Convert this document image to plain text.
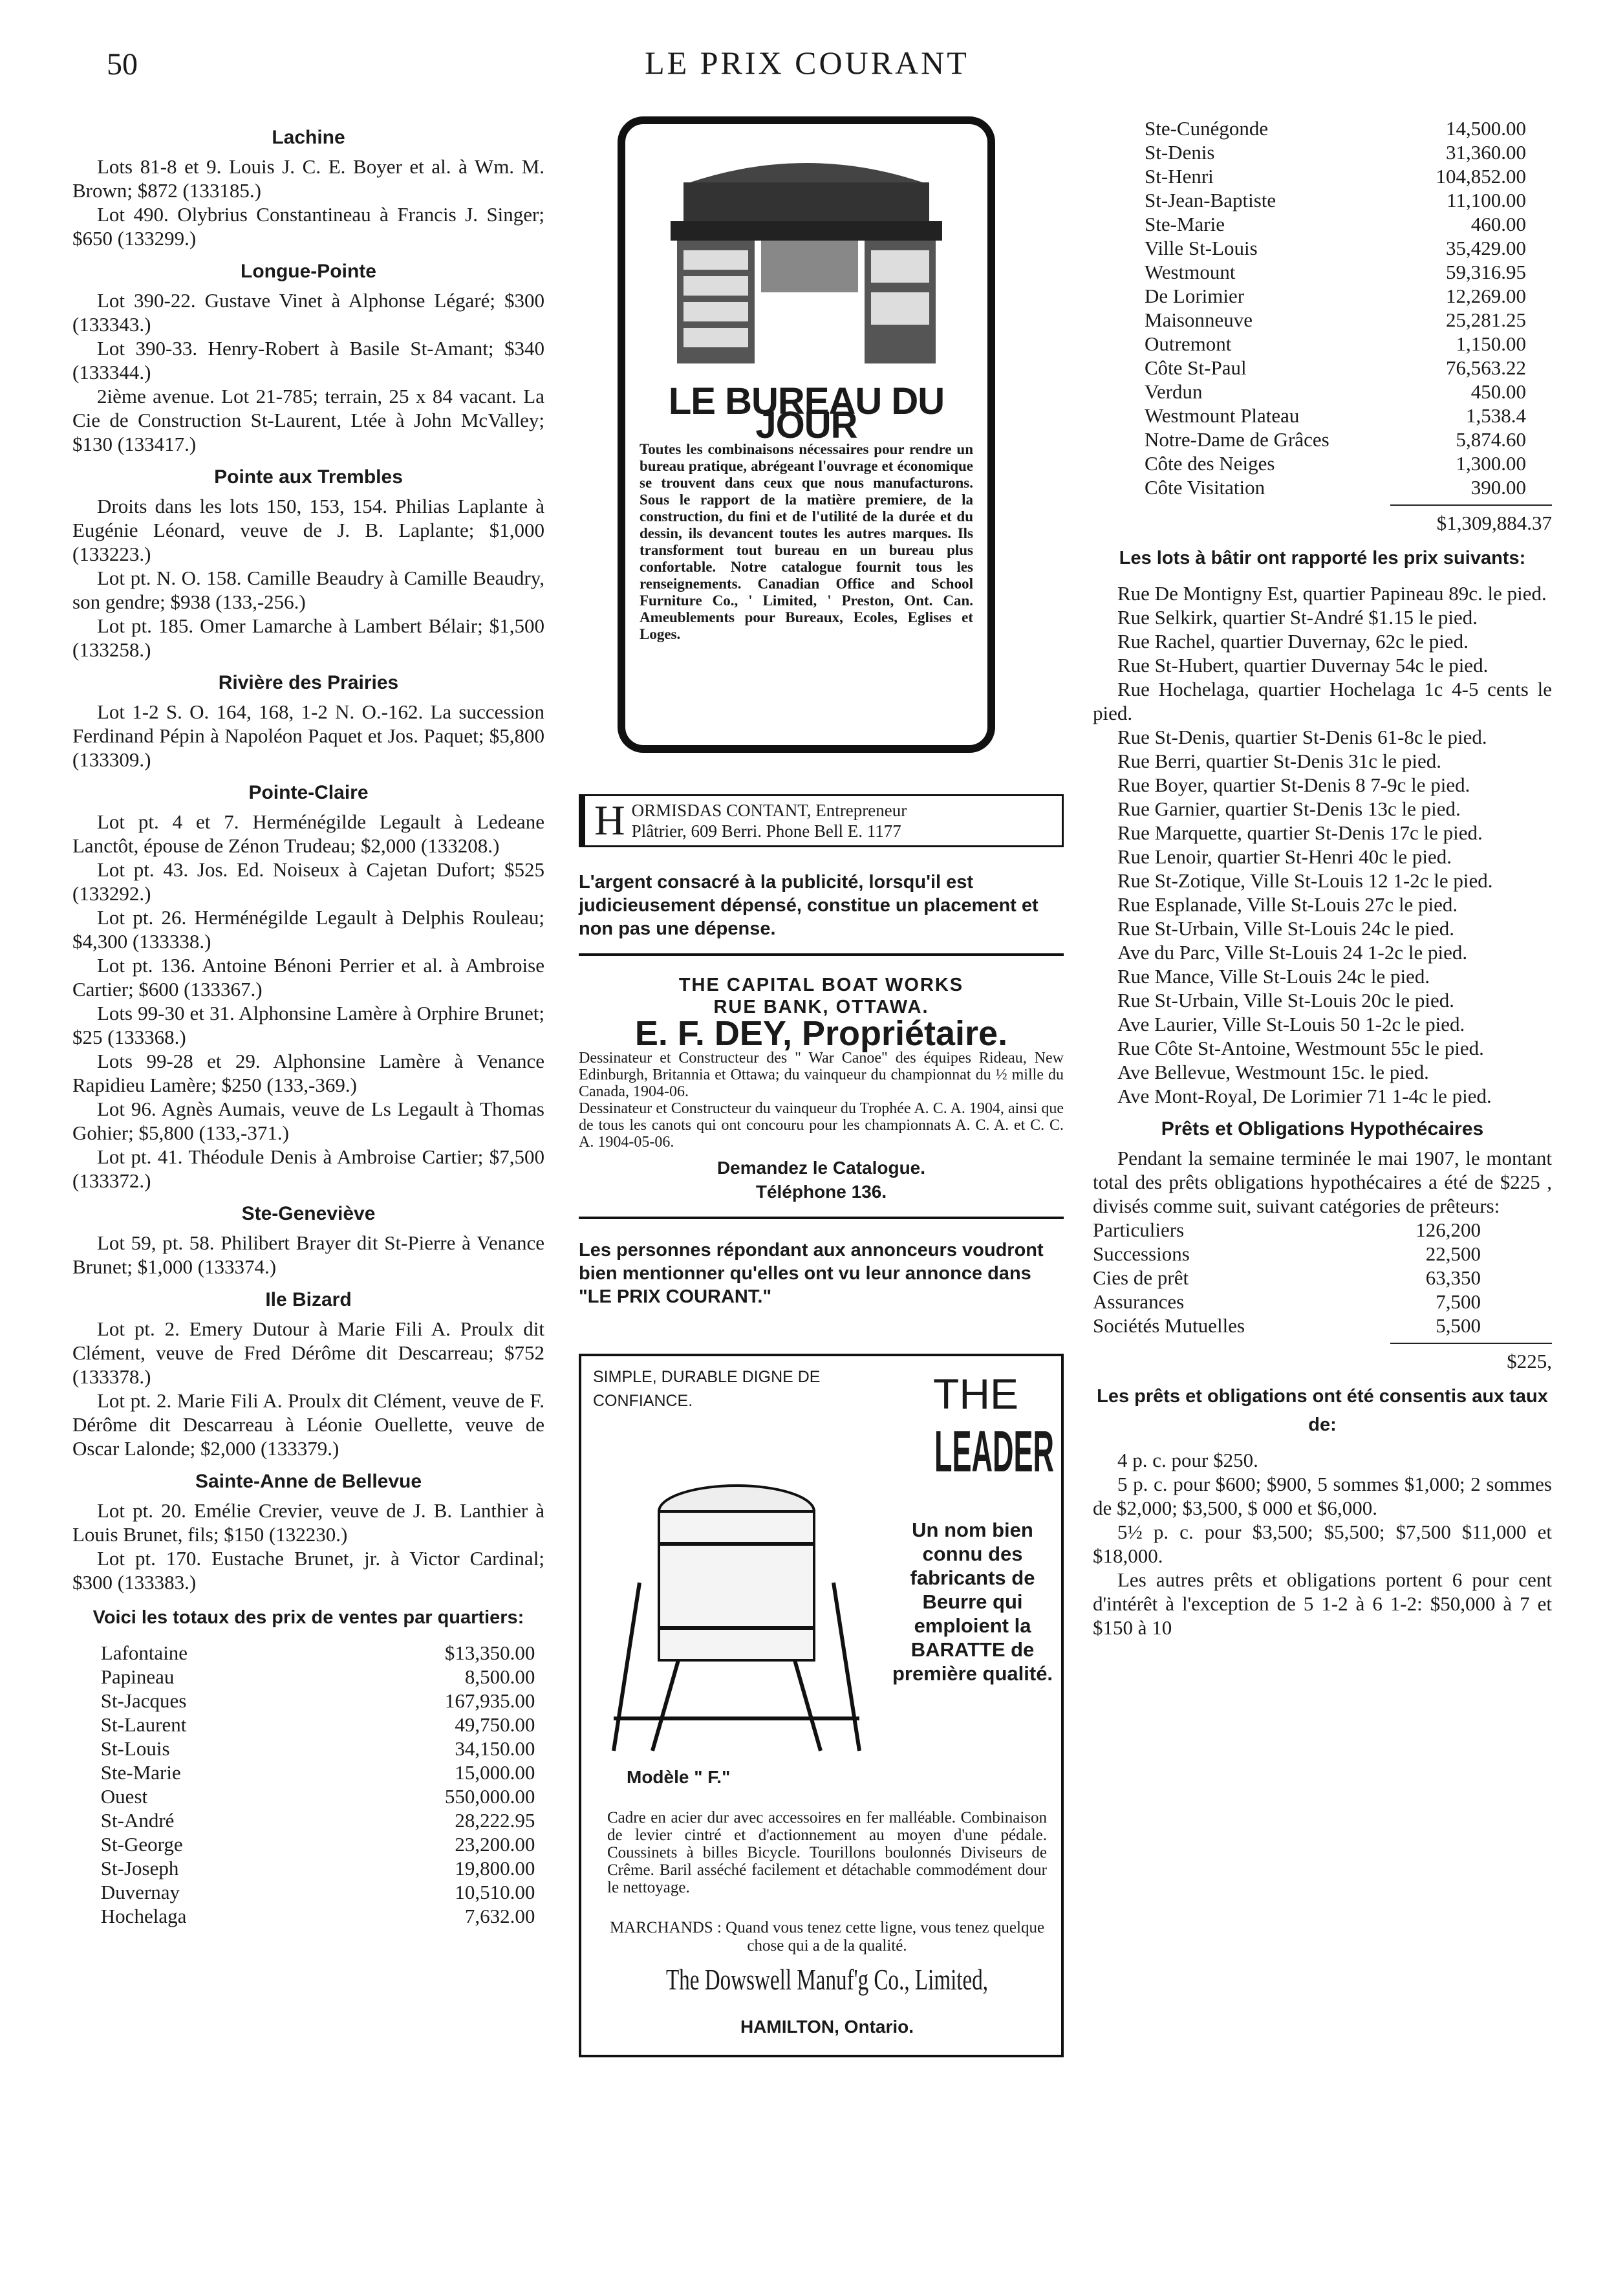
50	LE PRIX COURANT
Lachine

Lots 81-8 et 9. Louis J. C. E. Boyer et al. à Wm. M. Brown; $872 (133185.)

Lot 490. Olybrius Constantineau à Francis J. Singer; $650 (133299.)

Longue-Pointe

Lot 390-22. Gustave Vinet à Alphonse Légaré; $300 (133343.)

Lot 390-33. Henry-Robert à Basile St-Amant; $340 (133344.)

2ième avenue. Lot 21-785; terrain, 25 x 84 vacant. La Cie de Construction St-Laurent, Ltée à John McValley; $130 (133417.)

Pointe aux Trembles

Droits dans les lots 150, 153, 154. Philias Laplante à Eugénie Léonard, veuve de J. B. Laplante; $1,000 (133223.)

Lot pt. N. O. 158. Camille Beaudry à Camille Beaudry, son gendre; $938 (133,-256.)

Lot pt. 185. Omer Lamarche à Lambert Bélair; $1,500 (133258.)

Rivière des Prairies

Lot 1-2 S. O. 164, 168, 1-2 N. O.-162. La succession Ferdinand Pépin à Napoléon Paquet et Jos. Paquet; $5,800 (133309.)

Pointe-Claire

Lot pt. 4 et 7. Herménégilde Legault à Ledeane Lanctôt, épouse de Zénon Trudeau; $2,000 (133208.)

Lot pt. 43. Jos. Ed. Noiseux à Cajetan Dufort; $525 (133292.)

Lot pt. 26. Herménégilde Legault à Delphis Rouleau; $4,300 (133338.)

Lot pt. 136. Antoine Bénoni Perrier et al. à Ambroise Cartier; $600 (133367.)

Lots 99-30 et 31. Alphonsine Lamère à Orphire Brunet; $25 (133368.)

Lots 99-28 et 29. Alphonsine Lamère à Venance Rapidieu Lamère; $250 (133,-369.)

Lot 96. Agnès Aumais, veuve de Ls Legault à Thomas Gohier; $5,800 (133,-371.)

Lot pt. 41. Théodule Denis à Ambroise Cartier; $7,500 (133372.)

Ste-Geneviève

Lot 59, pt. 58. Philibert Brayer dit St-Pierre à Venance Brunet; $1,000 (133374.)

Ile Bizard

Lot pt. 2. Emery Dutour à Marie Fili A. Proulx dit Clément, veuve de Fred Dérôme dit Descarreau; $752 (133378.)

Lot pt. 2. Marie Fili A. Proulx dit Clément, veuve de F. Dérôme dit Descarreau à Léonie Ouellette, veuve de Oscar Lalonde; $2,000 (133379.)

Sainte-Anne de Bellevue

Lot pt. 20. Emélie Crevier, veuve de J. B. Lanthier à Louis Brunet, fils; $150 (132230.)

Lot pt. 170. Eustache Brunet, jr. à Victor Cardinal; $300 (133383.)

Voici les totaux des prix de ventes par quartiers:
Lafontaine	$13,350.00
Papineau	8,500.00
St-Jacques	167,935.00
St-Laurent	49,750.00
St-Louis	34,150.00
Ste-Marie	15,000.00
Ouest	550,000.00
St-André	28,222.95
St-George	23,200.00
St-Joseph	19,800.00
Duvernay	10,510.00
Hochelaga	7,632.00
LE BUREAU DU JOUR
Toutes les combinaisons nécessaires pour rendre un bureau pratique, abrégeant l'ouvrage et économique se trouvent dans ceux que nous manufacturons. Sous le rapport de la matière premiere, de la construction, du fini et de l'utilité de la durée et du dessin, ils devancent toutes les autres marques. Ils transforment tout bureau en un bureau plus confortable. Notre catalogue fournit tous les renseignements. Canadian Office and School Furniture Co., ' Limited, ' Preston, Ont. Can. Ameublements pour Bureaux, Ecoles, Eglises et Loges.
H ORMISDAS CONTANT, Entrepreneur
Plâtrier, 609 Berri. Phone Bell E. 1177
L'argent consacré à la publicité, lorsqu'il est judicieusement dépensé, constitue un placement et non pas une dépense.
THE CAPITAL BOAT WORKS
RUE BANK, OTTAWA.
E. F. DEY, Propriétaire.
Dessinateur et Constructeur des " War Canoe" des équipes Rideau, New Edinburgh, Britannia et Ottawa; du vainqueur du championnat du ½ mille du Canada, 1904-06.
Dessinateur et Constructeur du vainqueur du Trophée A. C. A. 1904, ainsi que de tous les canots qui ont concouru pour les championnats A. C. A. et C. C. A. 1904-05-06.
Demandez le Catalogue.
Téléphone 136.
Les personnes répondant aux annonceurs voudront bien mentionner qu'elles ont vu leur annonce dans "LE PRIX COURANT."
SIMPLE, DURABLE DIGNE DE CONFIANCE.	THE
LEADER
Modèle " F."
Un nom bien connu des fabricants de Beurre qui emploient la BARATTE de première qualité.
Cadre en acier dur avec accessoires en fer malléable. Combinaison de levier cintré et d'actionnement au moyen d'une pédale. Coussinets à billes Bicycle. Tourillons boulonnés Diviseurs de Crême. Baril asséché facilement et détachable commodément dour le nettoyage.
MARCHANDS : Quand vous tenez cette ligne, vous tenez quelque chose qui a de la qualité.
The Dowswell Manuf'g Co., Limited,
HAMILTON, Ontario.
Ste-Cunégonde	14,500.00
St-Denis	31,360.00
St-Henri	104,852.00
St-Jean-Baptiste	11,100.00
Ste-Marie	460.00
Ville St-Louis	35,429.00
Westmount	59,316.95
De Lorimier	12,269.00
Maisonneuve	25,281.25
Outremont	1,150.00
Côte St-Paul	76,563.22
Verdun	450.00
Westmount Plateau	1,538.4
Notre-Dame de Grâces	5,874.60
Côte des Neiges	1,300.00
Côte Visitation	390.00
$1,309,884.37
Les lots à bâtir ont rapporté les prix suivants:

Rue De Montigny Est, quartier Papineau 89c. le pied.

Rue Selkirk, quartier St-André $1.15 le pied.

Rue Rachel, quartier Duvernay, 62c le pied.

Rue St-Hubert, quartier Duvernay 54c le pied.

Rue Hochelaga, quartier Hochelaga 1c 4-5 cents le pied.

Rue St-Denis, quartier St-Denis 61-8c le pied.

Rue Berri, quartier St-Denis 31c le pied.

Rue Boyer, quartier St-Denis 8 7-9c le pied.

Rue Garnier, quartier St-Denis 13c le pied.

Rue Marquette, quartier St-Denis 17c le pied.

Rue Lenoir, quartier St-Henri 40c le pied.

Rue St-Zotique, Ville St-Louis 12 1-2c le pied.

Rue Esplanade, Ville St-Louis 27c le pied.

Rue St-Urbain, Ville St-Louis 24c le pied.

Ave du Parc, Ville St-Louis 24 1-2c le pied.

Rue Mance, Ville St-Louis 24c le pied.

Rue St-Urbain, Ville St-Louis 20c le pied.

Ave Laurier, Ville St-Louis 50 1-2c le pied.

Rue Côte St-Antoine, Westmount 55c le pied.

Ave Bellevue, Westmount 15c. le pied.

Ave Mont-Royal, De Lorimier 71 1-4c le pied.

Prêts et Obligations Hypothécaires

Pendant la semaine terminée le mai 1907, le montant total des prêts obligations hypothécaires a été de $225 , divisés comme suit, suivant catégories de prêteurs:

Particuliers	126,200
Successions	22,500
Cies de prêt	63,350
Assurances	7,500
Sociétés Mutuelles	5,500
$225,
Les prêts et obligations ont été consentis aux taux de:

4 p. c. pour $250.

5 p. c. pour $600; $900, 5 sommes $1,000; 2 sommes de $2,000; $3,500, $ 000 et $6,000.

5½ p. c. pour $3,500; $5,500; $7,500 $11,000 et $18,000.

Les autres prêts et obligations portent 6 pour cent d'intérêt à l'exception de 5 1-2 à 6 1-2: $50,000 à 7 et $150 à 10
